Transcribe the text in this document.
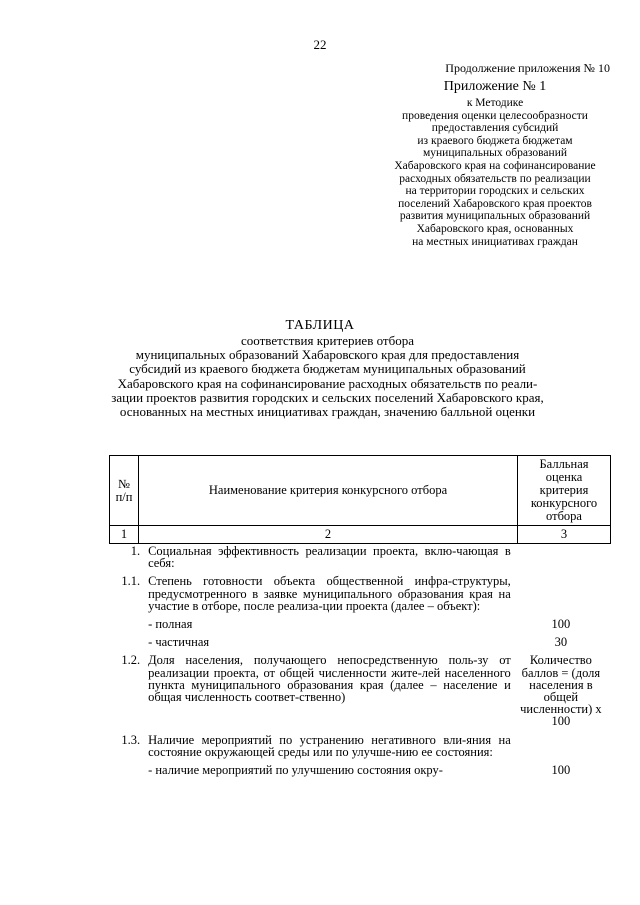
22
Продолжение приложения № 10
Приложение № 1
к Методике
проведения оценки целесообразности
предоставления субсидий
из краевого бюджета бюджетам
муниципальных образований
Хабаровского края на софинансирование
расходных обязательств по реализации
на территории городских и сельских
поселений Хабаровского края проектов
развития муниципальных образований
Хабаровского края, основанных
на местных инициативах граждан
ТАБЛИЦА
соответствия критериев отбора
муниципальных образований Хабаровского края для предоставления
субсидий из краевого бюджета бюджетам муниципальных образований
Хабаровского края на софинансирование расходных обязательств по реали-
зации проектов развития городских и сельских поселений Хабаровского края,
основанных на местных инициативах граждан, значению балльной оценки
№ п/п	Наименование критерия конкурсного отбора	Балльная оценка критерия конкурсного отбора
1	2	3
1.	Социальная эффективность реализации проекта, вклю-чающая в себя:	

1.1.	Степень готовности объекта общественной инфра-структуры, предусмотренного в заявке муниципального образования края на участие в отборе, после реализа-ции проекта (далее – объект):	

	- полная	100

	- частичная	30

1.2.	Доля населения, получающего непосредственную поль-зу от реализации проекта, от общей численности жите-лей населенного пункта муниципального образования края (далее – население и общая численность соответ-ственно)	Количество баллов = (доля населения в общей численности) х 100

1.3.	Наличие мероприятий по устранению негативного вли-яния на состояние окружающей среды или по улучше-нию ее состояния:	

	- наличие мероприятий по улучшению состояния окру-	100
